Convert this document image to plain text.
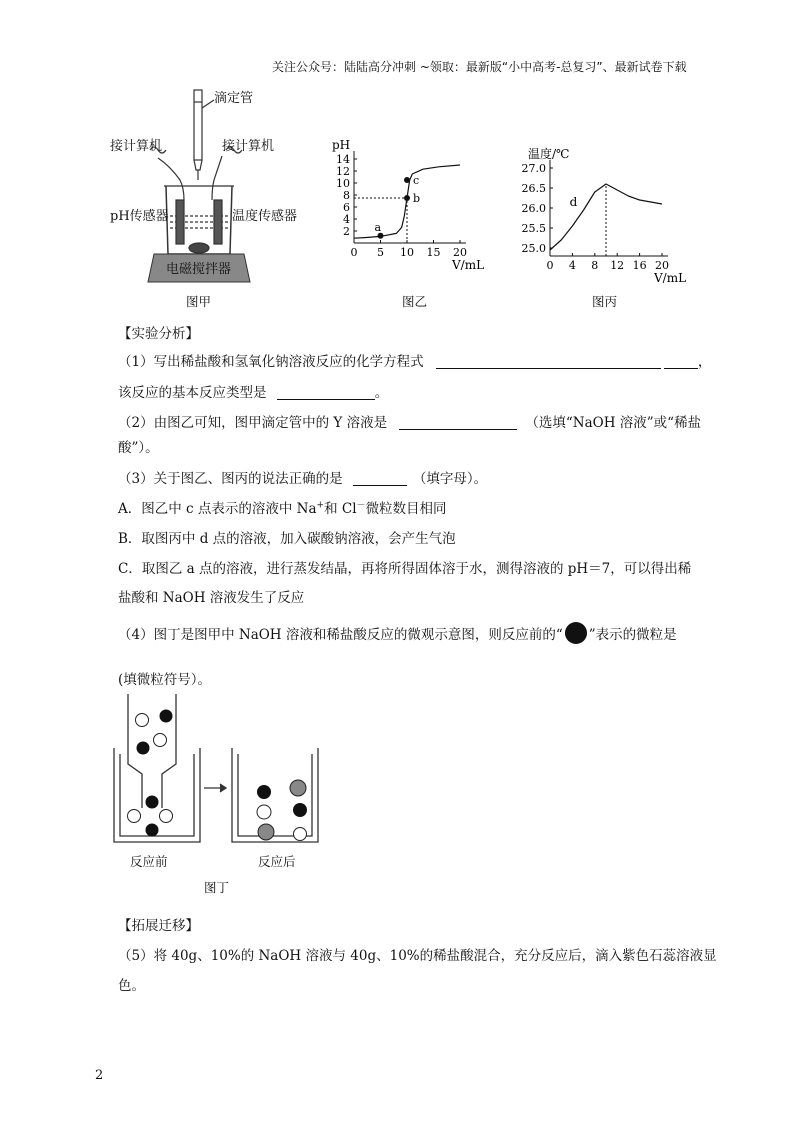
关注公众号：陆陆高分冲刺 ~领取：最新版“小中高考-总复习”、最新试卷下载
电磁搅拌器
滴定管
接计算机	接计算机
pH传感器	温度传感器
图甲
pH
V/mL
2
4
6
8
10
12
14
0 5 10 15 20
a
b
c
图乙
温度/℃
V/mL
25.0
25.5
26.0
26.5
27.0
0 4 8 12 16 20
d
图丙
【实验分析】
（1）写出稀盐酸和氢氧化钠溶液反应的化学方程式	，
该反应的基本反应类型是	。
（2）由图乙可知，图甲滴定管中的 Y 溶液是	（选填“NaOH 溶液”或“稀盐
酸”）。
（3）关于图乙、图丙的说法正确的是	（填字母）。
A．图乙中 c 点表示的溶液中 Na+和 Cl－微粒数目相同
B．取图丙中 d 点的溶液，加入碳酸钠溶液，会产生气泡
C．取图乙 a 点的溶液，进行蒸发结晶，再将所得固体溶于水，测得溶液的 pH＝7，可以得出稀
盐酸和 NaOH 溶液发生了反应
（4）图丁是图甲中 NaOH 溶液和稀盐酸反应的微观示意图，则反应前的“ ”表示的微粒是
(填微粒符号）。
反应前	反应后
图丁
【拓展迁移】
（5）将 40g、10%的 NaOH 溶液与 40g、10%的稀盐酸混合，充分反应后，滴入紫色石蕊溶液显
色。
2
